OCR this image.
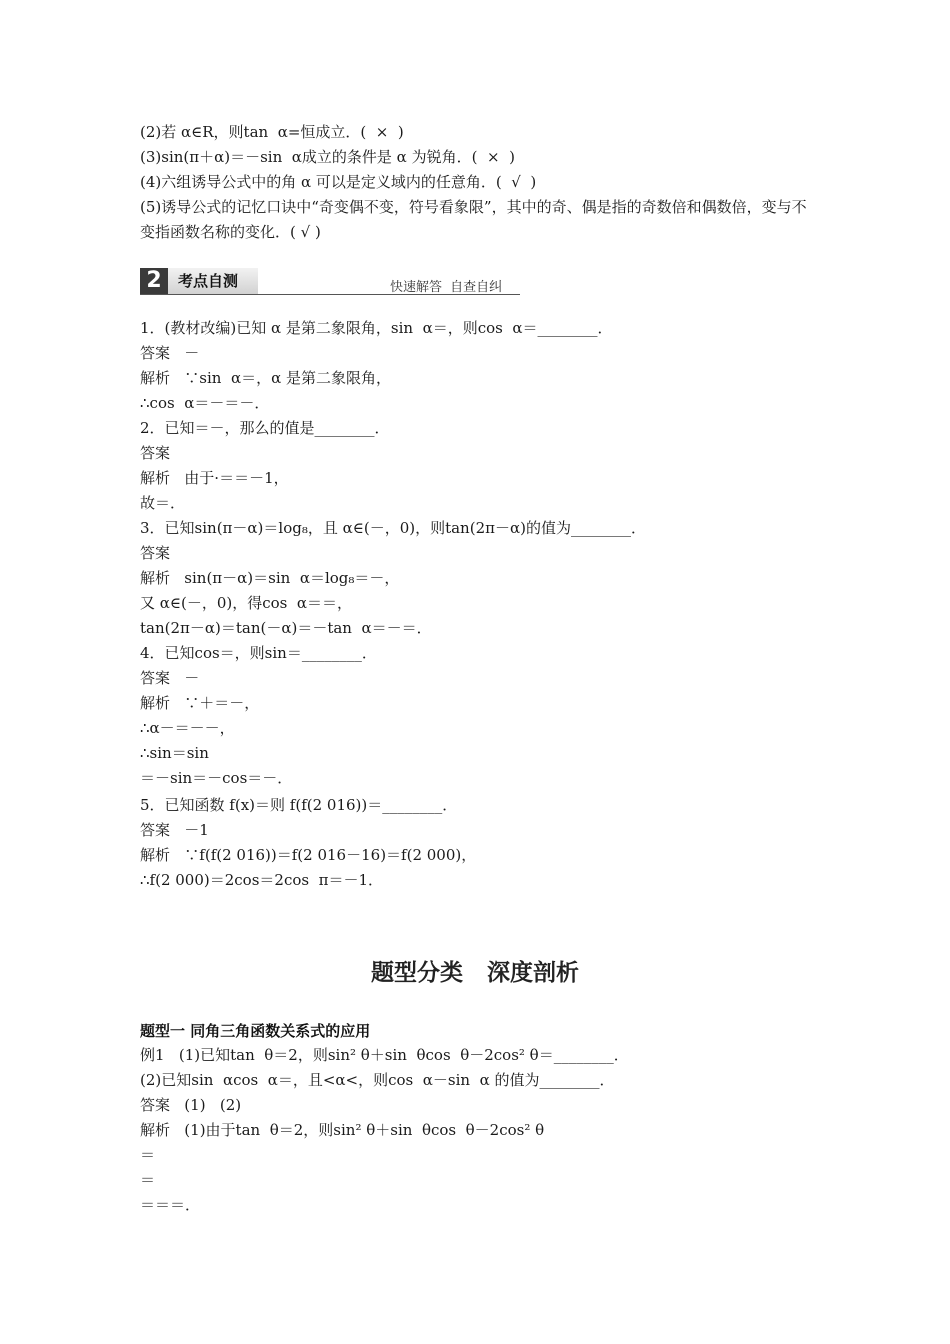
(2)若 α∈R，则tan  α=恒成立．(  ×  )
(3)sin(π＋α)＝－sin  α成立的条件是 α 为锐角．(  ×  )
(4)六组诱导公式中的角 α 可以是定义域内的任意角．(  √  )
(5)诱导公式的记忆口诀中“奇变偶不变，符号看象限”，其中的奇、偶是指的奇数倍和偶数倍，变与不变指函数名称的变化．( √ )
2	考点自测	快速解答 自查自纠
1．(教材改编)已知 α 是第二象限角，sin  α＝，则cos  α＝________．
答案   －
解析   ∵sin  α＝，α 是第二象限角，
∴cos  α＝－＝－．
2．已知＝－，那么的值是________．
答案
解析   由于·＝＝－1，
故＝．
3．已知sin(π－α)＝log₈，且 α∈(－，0)，则tan(2π－α)的值为________．
答案
解析   sin(π－α)＝sin  α＝log₈＝－，
又 α∈(－，0)，得cos  α＝＝，
tan(2π－α)＝tan(－α)＝－tan  α＝－＝．
4．已知cos＝，则sin＝________．
答案   －
解析   ∵＋＝－，
∴α－＝－－，
∴sin＝sin
＝－sin＝－cos＝－．
5．已知函数 f(x)＝则 f(f(2 016))＝________．
答案   －1
解析   ∵f(f(2 016))＝f(2 016－16)＝f(2 000)，
∴f(2 000)＝2cos＝2cos  π＝－1．
题型分类 深度剖析
题型一 同角三角函数关系式的应用
例1   (1)已知tan  θ＝2，则sin² θ＋sin  θcos  θ－2cos² θ＝________．
(2)已知sin  αcos  α＝，且<α<，则cos  α－sin  α 的值为________．
答案   (1)   (2)
解析   (1)由于tan  θ＝2，则sin² θ＋sin  θcos  θ－2cos² θ
＝
＝
＝＝＝．
